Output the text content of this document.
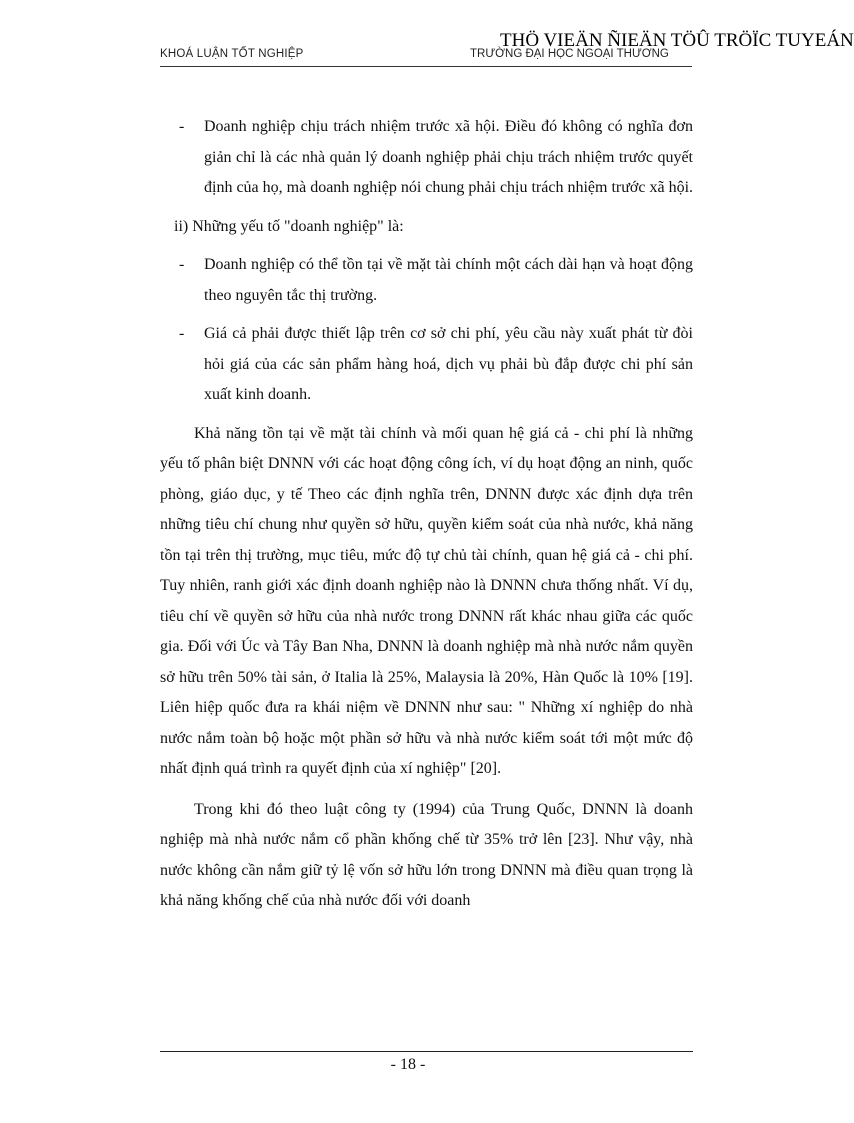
KHOÁ LUẬN TỐT NGHIỆP	TRƯỜNG ĐẠI HỌC NGOẠI THƯƠNG
THÖ VIEÄN ÑIEÄN TÖÛ TRÖÏC TUYEÁN
- Doanh nghiệp chịu trách nhiệm trước xã hội. Điều đó không có nghĩa đơn giản chỉ là các nhà quản lý doanh nghiệp phải chịu trách nhiệm trước quyết định của họ, mà doanh nghiệp nói chung phải chịu trách nhiệm trước xã hội.
ii) Những yếu tố "doanh nghiệp" là:
- Doanh nghiệp có thể tồn tại về mặt tài chính một cách dài hạn và hoạt động theo nguyên tắc thị trường.
- Giá cả phải được thiết lập trên cơ sở chi phí, yêu cầu này xuất phát từ đòi hỏi giá của các sản phẩm hàng hoá, dịch vụ phải bù đắp được chi phí sản xuất kinh doanh.

Khả năng tồn tại về mặt tài chính và mối quan hệ giá cả - chi phí là những yếu tố phân biệt DNNN với các hoạt động công ích, ví dụ hoạt động an ninh, quốc phòng, giáo dục, y tế Theo các định nghĩa trên, DNNN được xác định dựa trên những tiêu chí chung như quyền sở hữu, quyền kiểm soát của nhà nước, khả năng tồn tại trên thị trường, mục tiêu, mức độ tự chủ tài chính, quan hệ giá cả - chi phí. Tuy nhiên, ranh giới xác định doanh nghiệp nào là DNNN chưa thống nhất. Ví dụ, tiêu chí về quyền sở hữu của nhà nước trong DNNN rất khác nhau giữa các quốc gia. Đối với Úc và Tây Ban Nha, DNNN là doanh nghiệp mà nhà nước nắm quyền sở hữu trên 50% tài sản, ở Italia là 25%, Malaysia là 20%, Hàn Quốc là 10% [19]. Liên hiệp quốc đưa ra khái niệm về DNNN như sau: " Những xí nghiệp do nhà nước nắm toàn bộ hoặc một phần sở hữu và nhà nước kiểm soát tới một mức độ nhất định quá trình ra quyết định của xí nghiệp" [20].

Trong khi đó theo luật công ty (1994) của Trung Quốc, DNNN là doanh nghiệp mà nhà nước nắm cổ phần khống chế từ 35% trở lên [23]. Như vậy, nhà nước không cần nắm giữ tỷ lệ vốn sở hữu lớn trong DNNN mà điều quan trọng là khả năng khống chế của nhà nước đối với doanh

- 18 -
